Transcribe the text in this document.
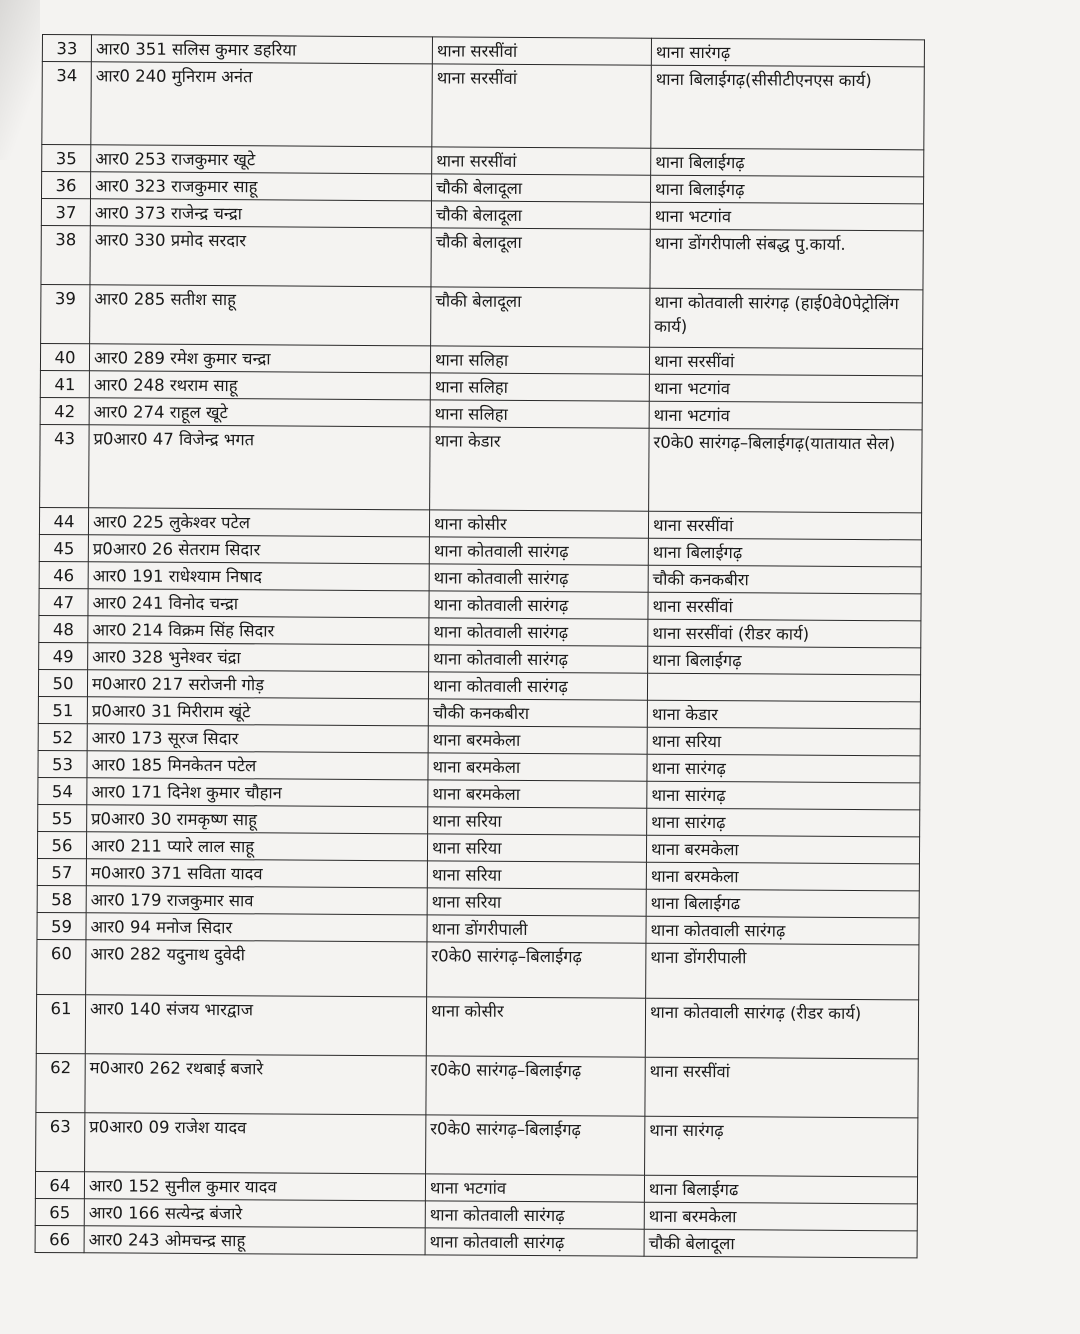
33	आर0 351 सलिस कुमार डहरिया	थाना सरसींवां	थाना सारंगढ़
34	आर0 240 मुनिराम अनंत	थाना सरसींवां	थाना बिलाईगढ़(सीसीटीएनएस कार्य)
35	आर0 253 राजकुमार खूटे	थाना सरसींवां	थाना बिलाईगढ़
36	आर0 323 राजकुमार साहू	चौकी बेलादूला	थाना बिलाईगढ़
37	आर0 373 राजेन्द्र चन्द्रा	चौकी बेलादूला	थाना भटगांव
38	आर0 330 प्रमोद सरदार	चौकी बेलादूला	थाना डोंगरीपाली संबद्ध पु.कार्या.
39	आर0 285 सतीश साहू	चौकी बेलादूला	थाना कोतवाली सारंगढ़ (हाई0वे0पेट्रोलिंग कार्य)
40	आर0 289 रमेश कुमार चन्द्रा	थाना सलिहा	थाना सरसींवां
41	आर0 248 रथराम साहू	थाना सलिहा	थाना भटगांव
42	आर0 274 राहूल खूटे	थाना सलिहा	थाना भटगांव
43	प्र0आर0 47 विजेन्द्र भगत	थाना केडार	र0के0 सारंगढ़–बिलाईगढ़(यातायात सेल)
44	आर0 225 लुकेश्वर पटेल	थाना कोसीर	थाना सरसींवां
45	प्र0आर0 26 सेतराम सिदार	थाना कोतवाली सारंगढ़	थाना बिलाईगढ़
46	आर0 191 राधेश्याम निषाद	थाना कोतवाली सारंगढ़	चौकी कनकबीरा
47	आर0 241 विनोद चन्द्रा	थाना कोतवाली सारंगढ़	थाना सरसींवां
48	आर0 214 विक्रम सिंह सिदार	थाना कोतवाली सारंगढ़	थाना सरसींवां (रीडर कार्य)
49	आर0 328 भुनेश्वर चंद्रा	थाना कोतवाली सारंगढ़	थाना बिलाईगढ़
50	म0आर0 217 सरोजनी गोड़	थाना कोतवाली सारंगढ़	
51	प्र0आर0 31 मिरीराम खूंटे	चौकी कनकबीरा	थाना केडार
52	आर0 173 सूरज सिदार	थाना बरमकेला	थाना सरिया
53	आर0 185 मिनकेतन पटेल	थाना बरमकेला	थाना सारंगढ़
54	आर0 171 दिनेश कुमार चौहान	थाना बरमकेला	थाना सारंगढ़
55	प्र0आर0 30 रामकृष्ण साहू	थाना सरिया	थाना सारंगढ़
56	आर0 211 प्यारे लाल साहू	थाना सरिया	थाना बरमकेला
57	म0आर0 371 सविता यादव	थाना सरिया	थाना बरमकेला
58	आर0 179 राजकुमार साव	थाना सरिया	थाना बिलाईगढ
59	आर0 94 मनोज सिदार	थाना डोंगरीपाली	थाना कोतवाली सारंगढ़
60	आर0 282 यदुनाथ दुवेदी	र0के0 सारंगढ़–बिलाईगढ़	थाना डोंगरीपाली
61	आर0 140 संजय भारद्वाज	थाना कोसीर	थाना कोतवाली सारंगढ़ (रीडर कार्य)
62	म0आर0 262 रथबाई बजारे	र0के0 सारंगढ़–बिलाईगढ़	थाना सरसींवां
63	प्र0आर0 09 राजेश यादव	र0के0 सारंगढ़–बिलाईगढ़	थाना सारंगढ़
64	आर0 152 सुनील कुमार यादव	थाना भटगांव	थाना बिलाईगढ
65	आर0 166 सत्येन्द्र बंजारे	थाना कोतवाली सारंगढ़	थाना बरमकेला
66	आर0 243 ओमचन्द्र साहू	थाना कोतवाली सारंगढ़	चौकी बेलादूला
